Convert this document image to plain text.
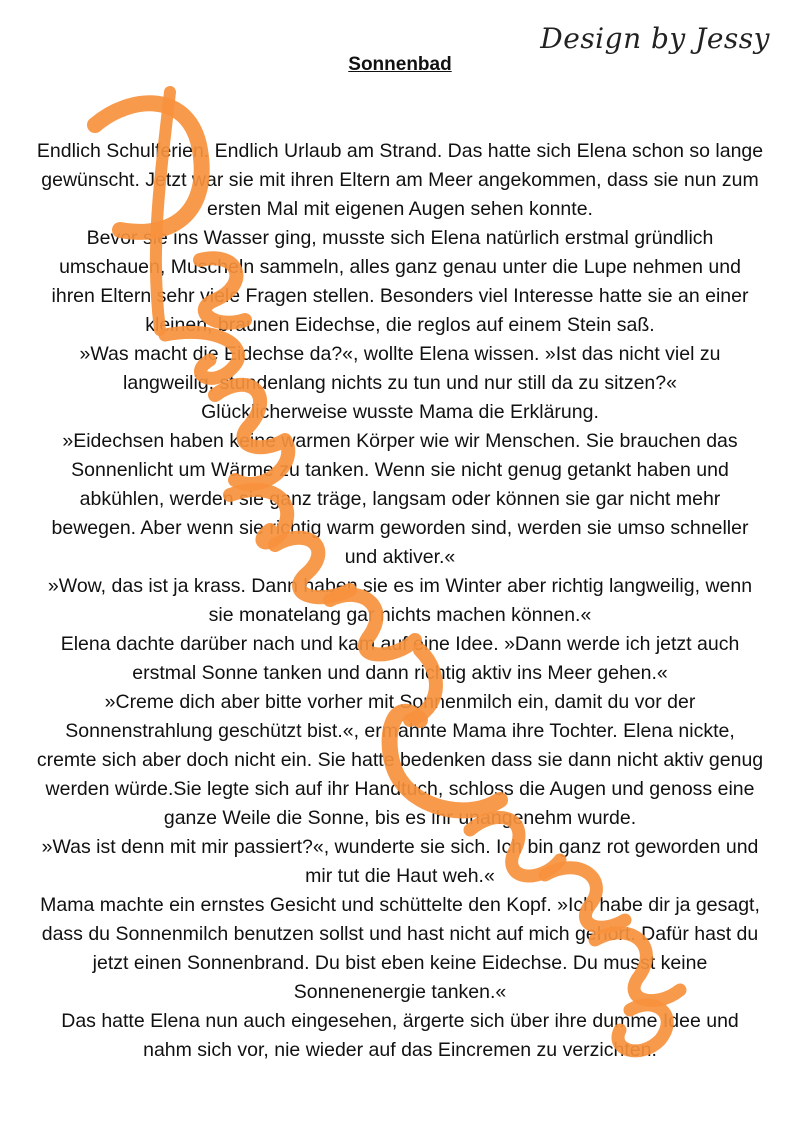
Design by Jessy
Sonnenbad

Endlich Schulferien. Endlich Urlaub am Strand. Das hatte sich Elena schon so lange gewünscht. Jetzt war sie mit ihren Eltern am Meer angekommen, dass sie nun zum ersten Mal mit eigenen Augen sehen konnte.

Bevor sie ins Wasser ging, musste sich Elena natürlich erstmal gründlich umschauen, Muscheln sammeln, alles ganz genau unter die Lupe nehmen und ihren Eltern sehr viele Fragen stellen. Besonders viel Interesse hatte sie an einer kleinen, braunen Eidechse, die reglos auf einem Stein saß.

»Was macht die Eidechse da?«, wollte Elena wissen. »Ist das nicht viel zu langweilig, stundenlang nichts zu tun und nur still da zu sitzen?«

Glücklicherweise wusste Mama die Erklärung.

»Eidechsen haben keine warmen Körper wie wir Menschen. Sie brauchen das Sonnenlicht um Wärme zu tanken. Wenn sie nicht genug getankt haben und abkühlen, werden sie ganz träge, langsam oder können sie gar nicht mehr bewegen. Aber wenn sie richtig warm geworden sind, werden sie umso schneller und aktiver.«

»Wow, das ist ja krass. Dann haben sie es im Winter aber richtig langweilig, wenn sie monatelang gar nichts machen können.«

Elena dachte darüber nach und kam auf eine Idee. »Dann werde ich jetzt auch erstmal Sonne tanken und dann richtig aktiv ins Meer gehen.«

»Creme dich aber bitte vorher mit Sonnenmilch ein, damit du vor der Sonnenstrahlung geschützt bist.«, ermahnte Mama ihre Tochter. Elena nickte, cremte sich aber doch nicht ein. Sie hatte bedenken dass sie dann nicht aktiv genug werden würde.Sie legte sich auf ihr Handtuch, schloss die Augen und genoss eine ganze Weile die Sonne, bis es ihr unangenehm wurde.

»Was ist denn mit mir passiert?«, wunderte sie sich. Ich bin ganz rot geworden und mir tut die Haut weh.«

Mama machte ein ernstes Gesicht und schüttelte den Kopf. »Ich habe dir ja gesagt, dass du Sonnenmilch benutzen sollst und hast nicht auf mich gehört. Dafür hast du jetzt einen Sonnenbrand. Du bist eben keine Eidechse. Du musst keine Sonnenenergie tanken.«

Das hatte Elena nun auch eingesehen, ärgerte sich über ihre dumme Idee und nahm sich vor, nie wieder auf das Eincremen zu verzichten.
